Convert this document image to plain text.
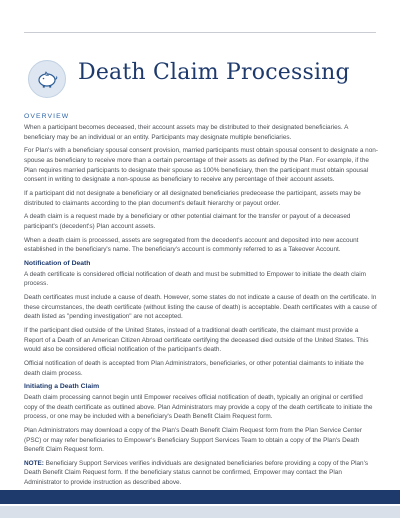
Death Claim Processing
OVERVIEW

When a participant becomes deceased, their account assets may be distributed to their designated beneficiaries. A beneficiary may be an individual or an entity. Participants may designate multiple beneficiaries.

For Plan's with a beneficiary spousal consent provision, married participants must obtain spousal consent to designate a non-spouse as beneficiary to receive more than a certain percentage of their assets as defined by the Plan. For example, if the Plan requires married participants to designate their spouse as 100% beneficiary, then the participant must obtain spousal consent in writing to designate a non-spouse as beneficiary to receive any percentage of their account assets.

If a participant did not designate a beneficiary or all designated beneficiaries predecease the participant, assets may be distributed to claimants according to the plan document's default hierarchy or payout order.

A death claim is a request made by a beneficiary or other potential claimant for the transfer or payout of a deceased participant's (decedent's) Plan account assets.

When a death claim is processed, assets are segregated from the decedent's account and deposited into new account established in the beneficiary's name. The beneficiary's account is commonly referred to as a Takeover Account.

Notification of Death

A death certificate is considered official notification of death and must be submitted to Empower to initiate the death claim process.

Death certificates must include a cause of death. However, some states do not indicate a cause of death on the certificate. In these circumstances, the death certificate (without listing the cause of death) is acceptable. Death certificates with a cause of death listed as "pending investigation" are not accepted.

If the participant died outside of the United States, instead of a traditional death certificate, the claimant must provide a Report of a Death of an American Citizen Abroad certificate certifying the deceased died outside of the United States. This would also be considered official notification of the participant's death.

Official notification of death is accepted from Plan Administrators, beneficiaries, or other potential claimants to initiate the death claim process.

Initiating a Death Claim

Death claim processing cannot begin until Empower receives official notification of death, typically an original or certified copy of the death certificate as outlined above. Plan Administrators may provide a copy of the death certificate to initiate the process, or one may be included with a beneficiary's Death Benefit Claim Request form.

Plan Administrators may download a copy of the Plan's Death Benefit Claim Request form from the Plan Service Center (PSC) or may refer beneficiaries to Empower's Beneficiary Support Services Team to obtain a copy of the Plan's Death Benefit Claim Request form.

NOTE: Beneficiary Support Services verifies individuals are designated beneficiaries before providing a copy of the Plan's Death Benefit Claim Request form. If the beneficiary status cannot be confirmed, Empower may contact the Plan Administrator to provide instruction as described above.
